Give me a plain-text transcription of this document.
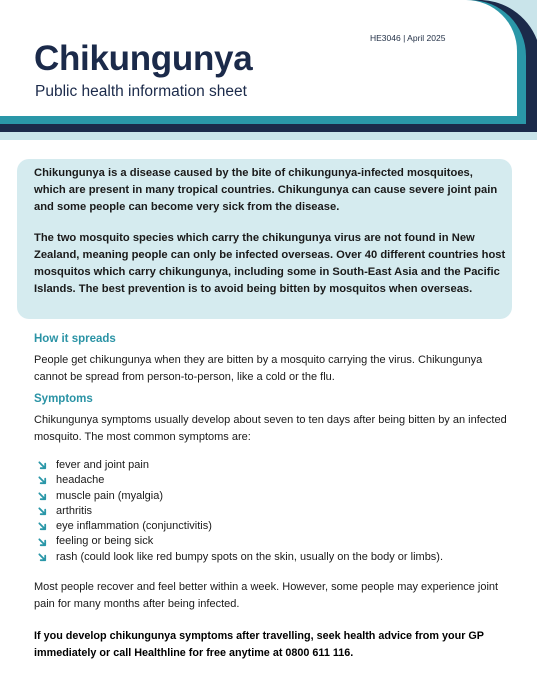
HE3046 | April 2025
Chikungunya
Public health information sheet

Chikungunya is a disease caused by the bite of chikungunya-infected mosquitoes, which are present in many tropical countries. Chikungunya can cause severe joint pain and some people can become very sick from the disease.

The two mosquito species which carry the chikungunya virus are not found in New Zealand, meaning people can only be infected overseas. Over 40 different countries host mosquitos which carry chikungunya, including some in South-East Asia and the Pacific Islands. The best prevention is to avoid being bitten by mosquitos when overseas.

How it spreads

People get chikungunya when they are bitten by a mosquito carrying the virus. Chikungunya cannot be spread from person-to-person, like a cold or the flu.

Symptoms

Chikungunya symptoms usually develop about seven to ten days after being bitten by an infected mosquito. The most common symptoms are:

fever and joint pain
headache
muscle pain (myalgia)
arthritis
eye inflammation (conjunctivitis)
feeling or being sick
rash (could look like red bumpy spots on the skin, usually on the body or limbs).

Most people recover and feel better within a week. However, some people may experience joint pain for many months after being infected.

If you develop chikungunya symptoms after travelling, seek health advice from your GP immediately or call Healthline for free anytime at 0800 611 116.
